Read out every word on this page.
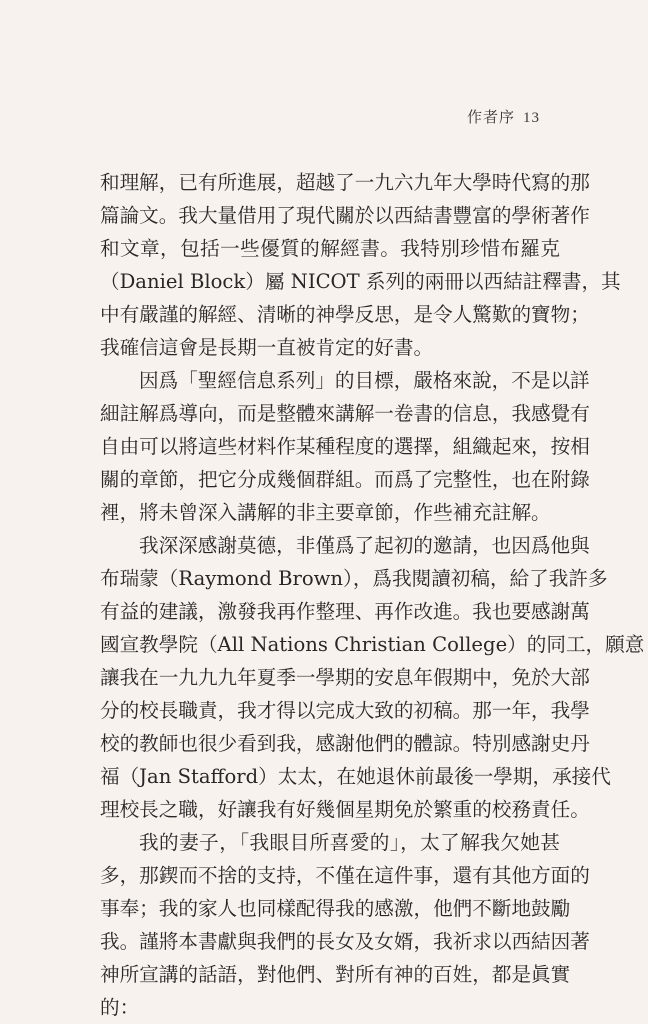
作者序 13
和理解，已有所進展，超越了一九六九年大學時代寫的那
篇論文。我大量借用了現代關於以西結書豐富的學術著作
和文章，包括一些優質的解經書。我特別珍惜布羅克
（Daniel Block）屬 NICOT 系列的兩冊以西結註釋書，其
中有嚴謹的解經、清晰的神學反思，是令人驚歎的寶物；
我確信這會是長期一直被肯定的好書。
因爲「聖經信息系列」的目標，嚴格來說，不是以詳
細註解爲導向，而是整體來講解一卷書的信息，我感覺有
自由可以將這些材料作某種程度的選擇，組織起來，按相
關的章節，把它分成幾個群組。而爲了完整性，也在附錄
裡，將未曾深入講解的非主要章節，作些補充註解。
我深深感謝莫德，非僅爲了起初的邀請，也因爲他與
布瑞蒙（Raymond Brown），爲我閱讀初稿，給了我許多
有益的建議，激發我再作整理、再作改進。我也要感謝萬
國宣教學院（All Nations Christian College）的同工，願意
讓我在一九九九年夏季一學期的安息年假期中，免於大部
分的校長職責，我才得以完成大致的初稿。那一年，我學
校的教師也很少看到我，感謝他們的體諒。特別感謝史丹
福（Jan Stafford）太太，在她退休前最後一學期，承接代
理校長之職，好讓我有好幾個星期免於繁重的校務責任。
我的妻子，「我眼目所喜愛的」，太了解我欠她甚
多，那鍥而不捨的支持，不僅在這件事，還有其他方面的
事奉；我的家人也同樣配得我的感激，他們不斷地鼓勵
我。謹將本書獻與我們的長女及女婿，我祈求以西結因著
神所宣講的話語，對他們、對所有神的百姓，都是眞實
的：
